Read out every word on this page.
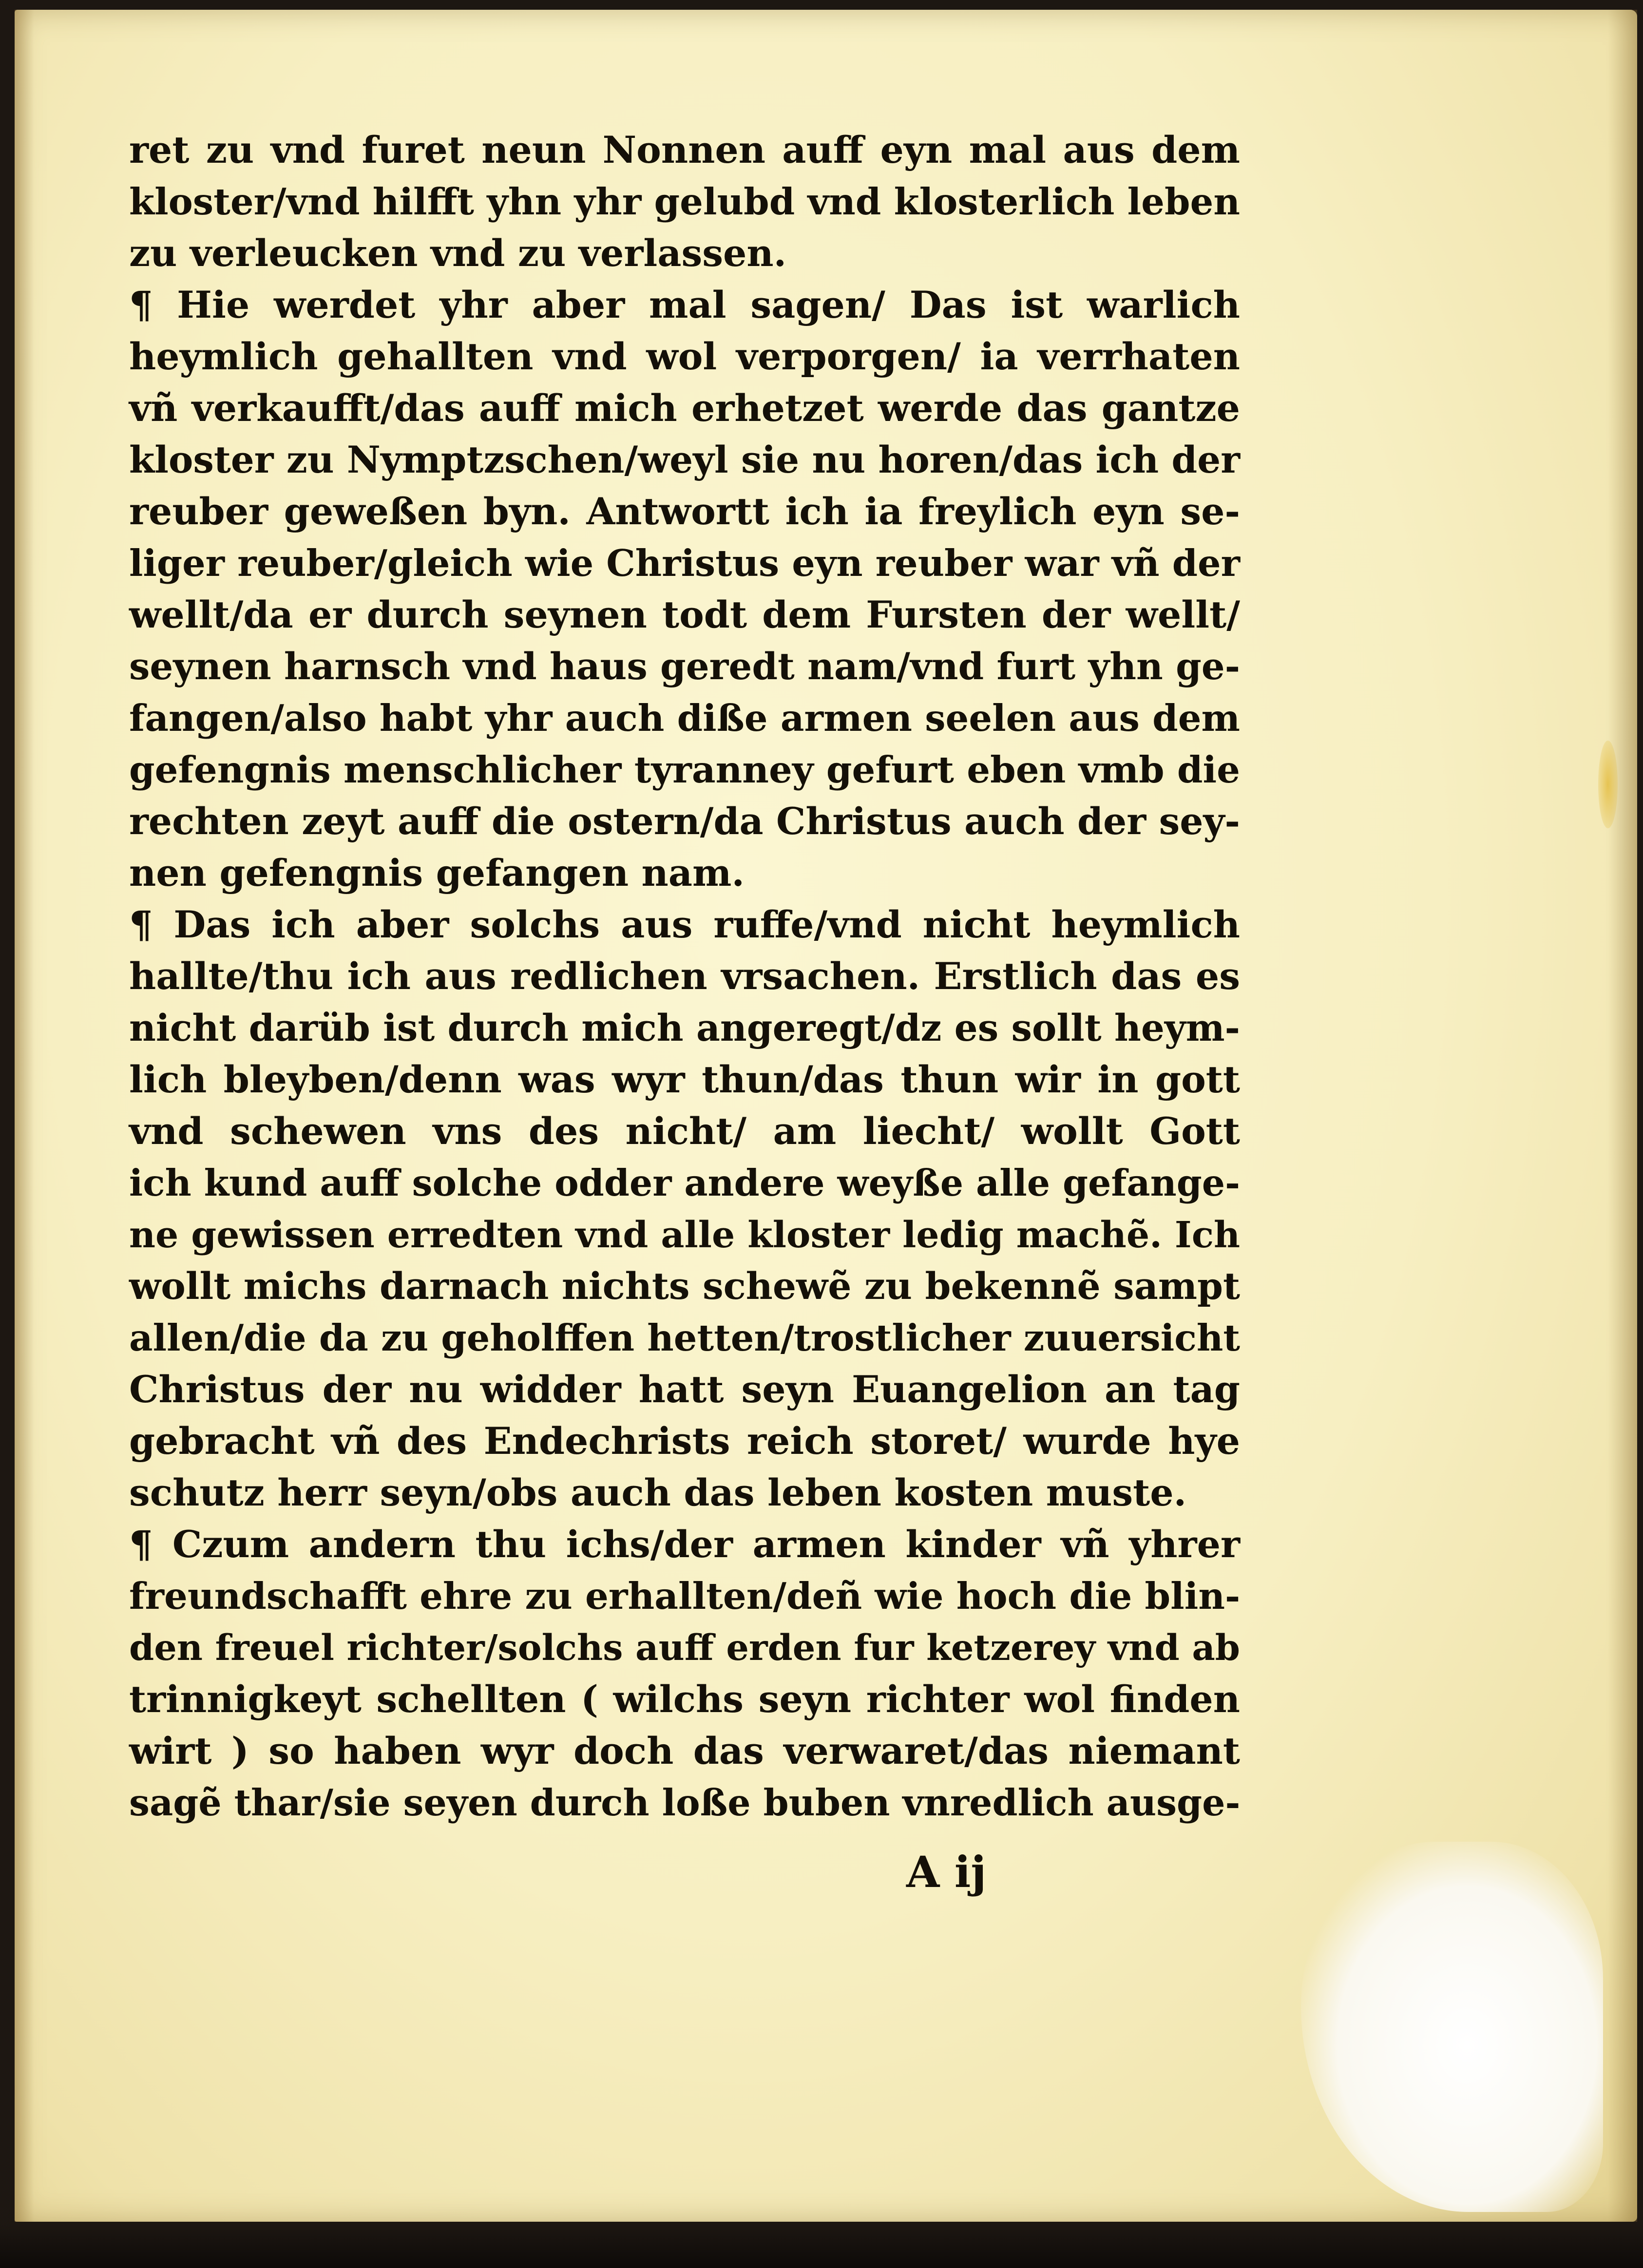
ret zu vnd furet neun Nonnen auff eyn mal aus dem
kloster/vnd hilfft yhn yhr gelubd vnd klosterlich leben
zu verleucken vnd zu verlassen.
¶ Hie werdet yhr aber mal sagen/ Das ist warlich
heymlich gehallten vnd wol verporgen/ ia verrhaten
vñ verkaufft/das auff mich erhetzet werde das gantze
kloster zu Nymptzschen/weyl sie nu horen/das ich der
reuber geweßen byn. Antwortt ich ia freylich eyn se-
liger reuber/gleich wie Christus eyn reuber war vñ der
wellt/da er durch seynen todt dem Fursten der wellt/
seynen harnsch vnd haus geredt nam/vnd furt yhn ge-
fangen/also habt yhr auch diße armen seelen aus dem
gefengnis menschlicher tyranney gefurt eben vmb die
rechten zeyt auff die ostern/da Christus auch der sey-
nen gefengnis gefangen nam.
¶ Das ich aber solchs aus ruffe/vnd nicht heymlich
hallte/thu ich aus redlichen vrsachen. Erstlich das es
nicht darüb ist durch mich angeregt/dz es sollt heym-
lich bleyben/denn was wyr thun/das thun wir in gott
vnd schewen vns des nicht/ am liecht/ wollt Gott
ich kund auff solche odder andere weyße alle gefange-
ne gewissen erredten vnd alle kloster ledig machẽ. Ich
wollt michs darnach nichts schewẽ zu bekennẽ sampt
allen/die da zu geholffen hetten/trostlicher zuuersicht
Christus der nu widder hatt seyn Euangelion an tag
gebracht vñ des Endechrists reich storet/ wurde hye
schutz herr seyn/obs auch das leben kosten muste.
¶ Czum andern thu ichs/der armen kinder vñ yhrer
freundschafft ehre zu erhallten/deñ wie hoch die blin-
den freuel richter/solchs auff erden fur ketzerey vnd ab
trinnigkeyt schellten ( wilchs seyn richter wol finden
wirt ) so haben wyr doch das verwaret/das niemant
sagẽ thar/sie seyen durch loße buben vnredlich ausge-
A ij
